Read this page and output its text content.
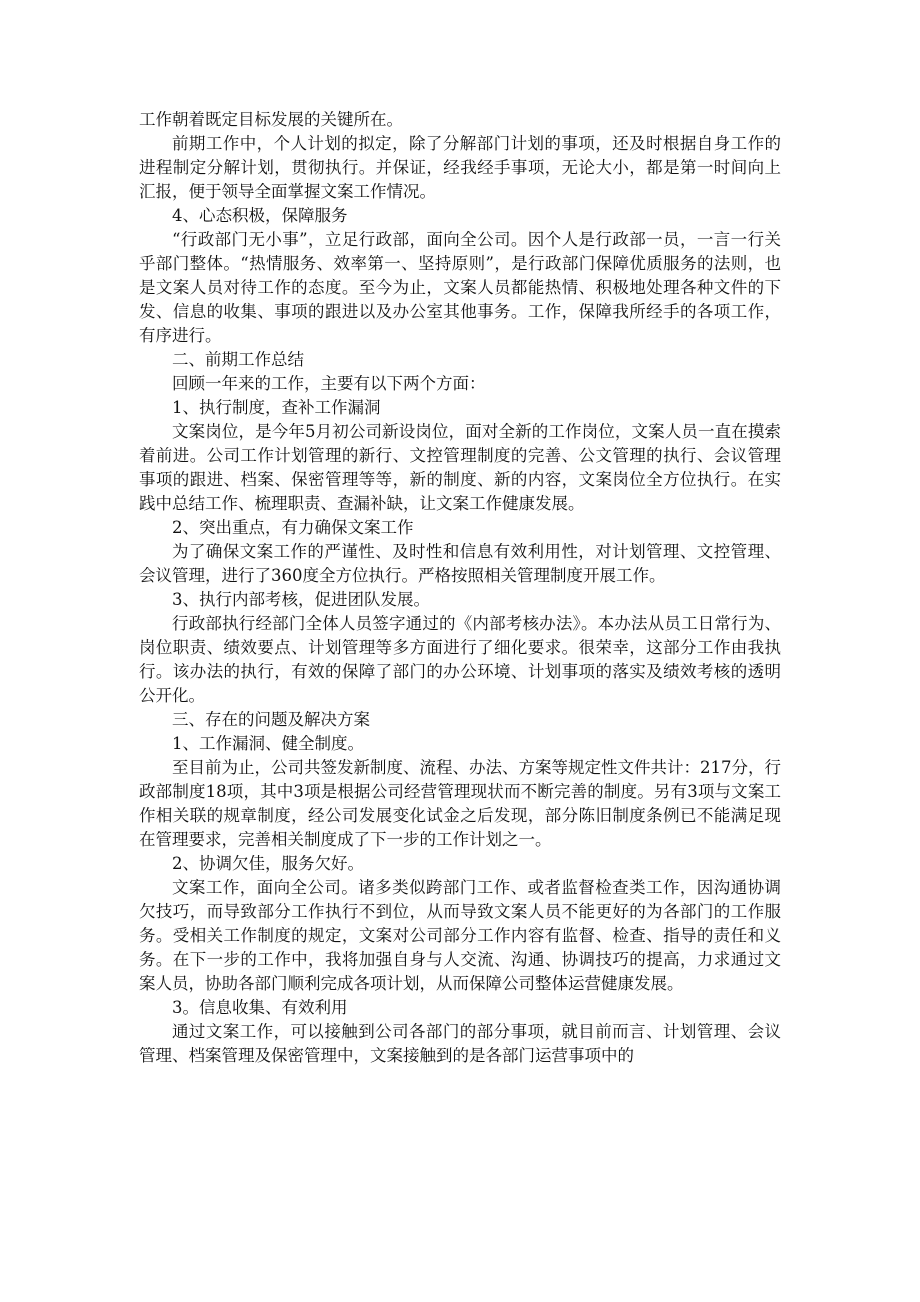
工作朝着既定目标发展的关键所在。

前期工作中，个人计划的拟定，除了分解部门计划的事项，还及时根据自身工作的进程制定分解计划，贯彻执行。并保证，经我经手事项，无论大小，都是第一时间向上汇报，便于领导全面掌握文案工作情况。

4、心态积极，保障服务

“行政部门无小事”，立足行政部，面向全公司。因个人是行政部一员，一言一行关乎部门整体。“热情服务、效率第一、坚持原则”，是行政部门保障优质服务的法则，也是文案人员对待工作的态度。至今为止，文案人员都能热情、积极地处理各种文件的下发、信息的收集、事项的跟进以及办公室其他事务。工作，保障我所经手的各项工作，有序进行。

二、前期工作总结

回顾一年来的工作，主要有以下两个方面：

1、执行制度，查补工作漏洞

文案岗位，是今年5月初公司新设岗位，面对全新的工作岗位，文案人员一直在摸索着前进。公司工作计划管理的新行、文控管理制度的完善、公文管理的执行、会议管理事项的跟进、档案、保密管理等等，新的制度、新的内容，文案岗位全方位执行。在实践中总结工作、梳理职责、查漏补缺，让文案工作健康发展。

2、突出重点，有力确保文案工作

为了确保文案工作的严谨性、及时性和信息有效利用性，对计划管理、文控管理、会议管理，进行了360度全方位执行。严格按照相关管理制度开展工作。

3、执行内部考核，促进团队发展。

行政部执行经部门全体人员签字通过的《内部考核办法》。本办法从员工日常行为、岗位职责、绩效要点、计划管理等多方面进行了细化要求。很荣幸，这部分工作由我执行。该办法的执行，有效的保障了部门的办公环境、计划事项的落实及绩效考核的透明公开化。

三、存在的问题及解决方案

1、工作漏洞、健全制度。

至目前为止，公司共签发新制度、流程、办法、方案等规定性文件共计：217分，行政部制度18项，其中3项是根据公司经营管理现状而不断完善的制度。另有3项与文案工作相关联的规章制度，经公司发展变化试金之后发现，部分陈旧制度条例已不能满足现在管理要求，完善相关制度成了下一步的工作计划之一。

2、协调欠佳，服务欠好。

文案工作，面向全公司。诸多类似跨部门工作、或者监督检查类工作，因沟通协调欠技巧，而导致部分工作执行不到位，从而导致文案人员不能更好的为各部门的工作服务。受相关工作制度的规定，文案对公司部分工作内容有监督、检查、指导的责任和义务。在下一步的工作中，我将加强自身与人交流、沟通、协调技巧的提高，力求通过文案人员，协助各部门顺利完成各项计划，从而保障公司整体运营健康发展。

3。信息收集、有效利用

通过文案工作，可以接触到公司各部门的部分事项，就目前而言、计划管理、会议管理、档案管理及保密管理中，文案接触到的是各部门运营事项中的
